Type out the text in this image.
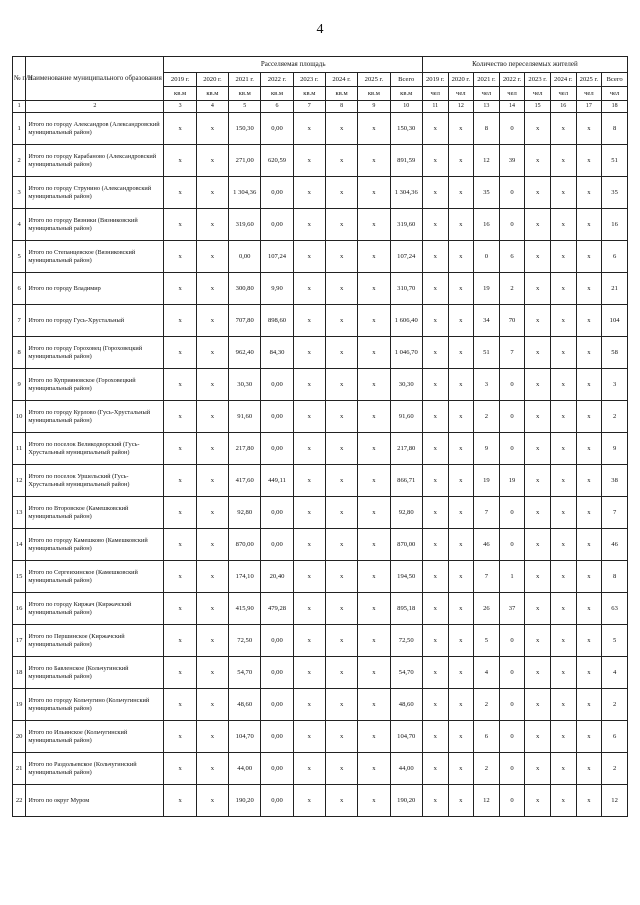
4
№ п/п	Наименование муниципального образования	Расселяемая площадь								Количество переселяемых жителей							
		2019 г.	2020 г.	2021 г.	2022 г.	2023 г.	2024 г.	2025 г.	Всего	2019 г.	2020 г.	2021 г.	2022 г.	2023 г.	2024 г.	2025 г.	Всего
		кв.м	кв.м	кв.м	кв.м	кв.м	кв.м	кв.м	кв.м	чел	чел	чел	чел	чел	чел	чел	чел
1	2	3	4	5	6	7	8	9	10	11	12	13	14	15	16	17	18
1	Итого по городу Александров (Александровский муниципальный район)	x	x	150,30	0,00	x	x	x	150,30	x	x	8	0	x	x	x	8
2	Итого по городу Карабаново (Александровский муниципальный район)	x	x	271,00	620,59	x	x	x	891,59	x	x	12	39	x	x	x	51
3	Итого по городу Струнино (Александровский муниципальный район)	x	x	1 304,36	0,00	x	x	x	1 304,36	x	x	35	0	x	x	x	35
4	Итого по городу Вязники (Вязниковский муниципальный район)	x	x	319,60	0,00	x	x	x	319,60	x	x	16	0	x	x	x	16
5	Итого по Степанцевское (Вязниковский муниципальный район)	x	x	0,00	107,24	x	x	x	107,24	x	x	0	6	x	x	x	6
6	Итого по городу Владимир	x	x	300,80	9,90	x	x	x	310,70	x	x	19	2	x	x	x	21
7	Итого по городу Гусь-Хрустальный	x	x	707,80	898,60	x	x	x	1 606,40	x	x	34	70	x	x	x	104
8	Итого по городу Гороховец (Гороховецкий муниципальный район)	x	x	962,40	84,30	x	x	x	1 046,70	x	x	51	7	x	x	x	58
9	Итого по Куприяновское (Гороховецкий муниципальный район)	x	x	30,30	0,00	x	x	x	30,30	x	x	3	0	x	x	x	3
10	Итого по городу Курлово (Гусь-Хрустальный муниципальный район)	x	x	91,60	0,00	x	x	x	91,60	x	x	2	0	x	x	x	2
11	Итого по поселок Великодворский (Гусь-Хрустальный муниципальный район)	x	x	217,80	0,00	x	x	x	217,80	x	x	9	0	x	x	x	9
12	Итого по поселок Уршельский (Гусь-Хрустальный муниципальный район)	x	x	417,60	449,11	x	x	x	866,71	x	x	19	19	x	x	x	38
13	Итого по Второвское (Камешковский муниципальный район)	x	x	92,80	0,00	x	x	x	92,80	x	x	7	0	x	x	x	7
14	Итого по городу Камешково (Камешковский муниципальный район)	x	x	870,00	0,00	x	x	x	870,00	x	x	46	0	x	x	x	46
15	Итого по Сергеихинское (Камешковский муниципальный район)	x	x	174,10	20,40	x	x	x	194,50	x	x	7	1	x	x	x	8
16	Итого по городу Киржач (Киржачский муниципальный район)	x	x	415,90	479,28	x	x	x	895,18	x	x	26	37	x	x	x	63
17	Итого по Першинское (Киржачский муниципальный район)	x	x	72,50	0,00	x	x	x	72,50	x	x	5	0	x	x	x	5
18	Итого по Бавленское (Кольчугинский муниципальный район)	x	x	54,70	0,00	x	x	x	54,70	x	x	4	0	x	x	x	4
19	Итого по городу Кольчугино (Кольчугинский муниципальный район)	x	x	48,60	0,00	x	x	x	48,60	x	x	2	0	x	x	x	2
20	Итого по Ильинское (Кольчугинский муниципальный район)	x	x	104,70	0,00	x	x	x	104,70	x	x	6	0	x	x	x	6
21	Итого по Раздольевское (Кольчугинский муниципальный район)	x	x	44,00	0,00	x	x	x	44,00	x	x	2	0	x	x	x	2
22	Итого по округ Муром	x	x	190,20	0,00	x	x	x	190,20	x	x	12	0	x	x	x	12
